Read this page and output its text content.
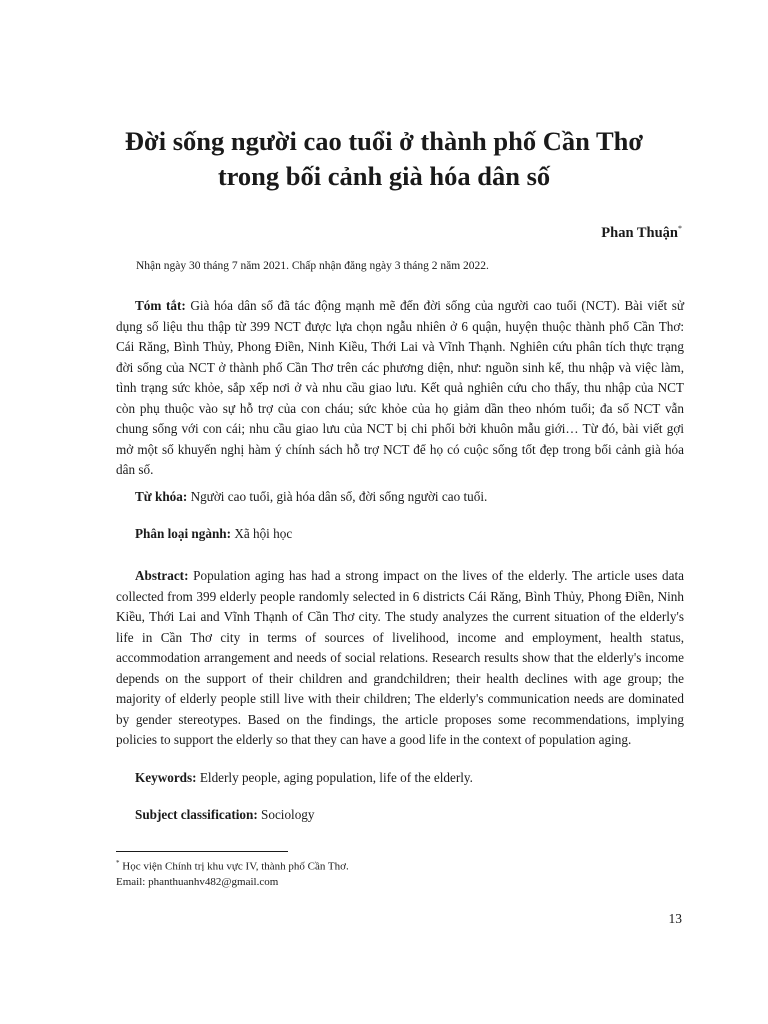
Đời sống người cao tuổi ở thành phố Cần Thơ
trong bối cảnh già hóa dân số

Phan Thuận*

Nhận ngày 30 tháng 7 năm 2021. Chấp nhận đăng ngày 3 tháng 2 năm 2022.

Tóm tắt: Già hóa dân số đã tác động mạnh mẽ đến đời sống của người cao tuổi (NCT). Bài viết sử dụng số liệu thu thập từ 399 NCT được lựa chọn ngẫu nhiên ở 6 quận, huyện thuộc thành phố Cần Thơ: Cái Răng, Bình Thủy, Phong Điền, Ninh Kiều, Thới Lai và Vĩnh Thạnh. Nghiên cứu phân tích thực trạng đời sống của NCT ở thành phố Cần Thơ trên các phương diện, như: nguồn sinh kế, thu nhập và việc làm, tình trạng sức khỏe, sắp xếp nơi ở và nhu cầu giao lưu. Kết quả nghiên cứu cho thấy, thu nhập của NCT còn phụ thuộc vào sự hỗ trợ của con cháu; sức khỏe của họ giảm dần theo nhóm tuổi; đa số NCT vẫn chung sống với con cái; nhu cầu giao lưu của NCT bị chi phối bởi khuôn mẫu giới… Từ đó, bài viết gợi mở một số khuyến nghị hàm ý chính sách hỗ trợ NCT để họ có cuộc sống tốt đẹp trong bối cảnh già hóa dân số.

Từ khóa: Người cao tuổi, già hóa dân số, đời sống người cao tuổi.

Phân loại ngành: Xã hội học

Abstract: Population aging has had a strong impact on the lives of the elderly. The article uses data collected from 399 elderly people randomly selected in 6 districts Cái Răng, Bình Thủy, Phong Điền, Ninh Kiều, Thới Lai and Vĩnh Thạnh of Cần Thơ city. The study analyzes the current situation of the elderly's life in Cần Thơ city in terms of sources of livelihood, income and employment, health status, accommodation arrangement and needs of social relations. Research results show that the elderly's income depends on the support of their children and grandchildren; their health declines with age group; the majority of elderly people still live with their children; The elderly's communication needs are dominated by gender stereotypes. Based on the findings, the article proposes some recommendations, implying policies to support the elderly so that they can have a good life in the context of population aging.

Keywords: Elderly people, aging population, life of the elderly.

Subject classification: Sociology

* Học viện Chính trị khu vực IV, thành phố Cần Thơ.
Email: phanthuanhv482@gmail.com

13
